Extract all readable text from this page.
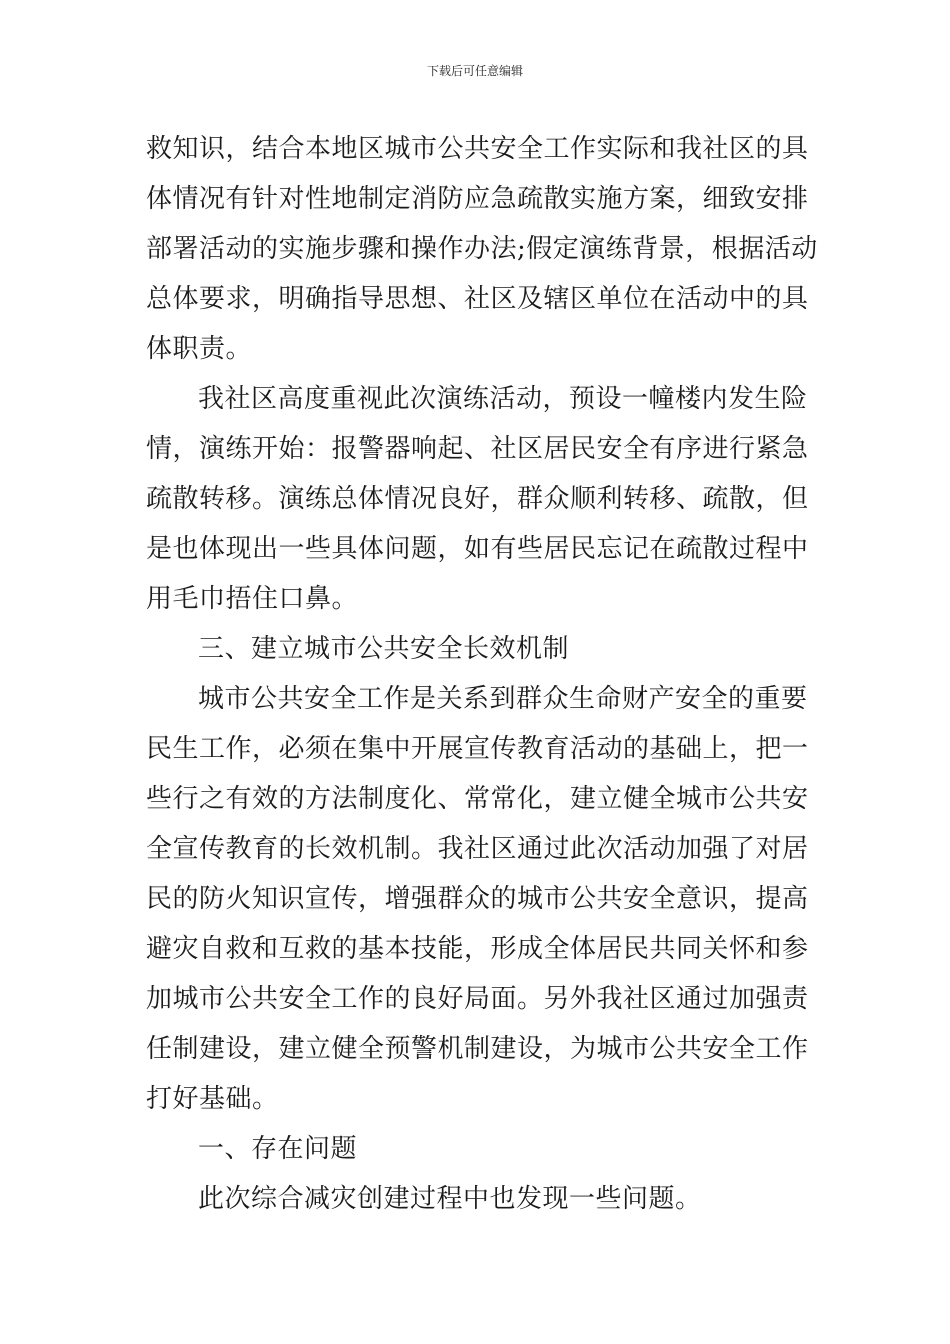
下载后可任意编辑

救知识，结合本地区城市公共安全工作实际和我社区的具

体情况有针对性地制定消防应急疏散实施方案，细致安排

部署活动的实施步骤和操作办法;假定演练背景，根据活动

总体要求，明确指导思想、社区及辖区单位在活动中的具

体职责。

我社区高度重视此次演练活动，预设一幢楼内发生险

情，演练开始：报警器响起、社区居民安全有序进行紧急

疏散转移。演练总体情况良好，群众顺利转移、疏散，但

是也体现出一些具体问题，如有些居民忘记在疏散过程中

用毛巾捂住口鼻。

三、建立城市公共安全长效机制

城市公共安全工作是关系到群众生命财产安全的重要

民生工作，必须在集中开展宣传教育活动的基础上，把一

些行之有效的方法制度化、常常化，建立健全城市公共安

全宣传教育的长效机制。我社区通过此次活动加强了对居

民的防火知识宣传，增强群众的城市公共安全意识，提高

避灾自救和互救的基本技能，形成全体居民共同关怀和参

加城市公共安全工作的良好局面。另外我社区通过加强责

任制建设，建立健全预警机制建设，为城市公共安全工作

打好基础。

一、存在问题

此次综合减灾创建过程中也发现一些问题。
